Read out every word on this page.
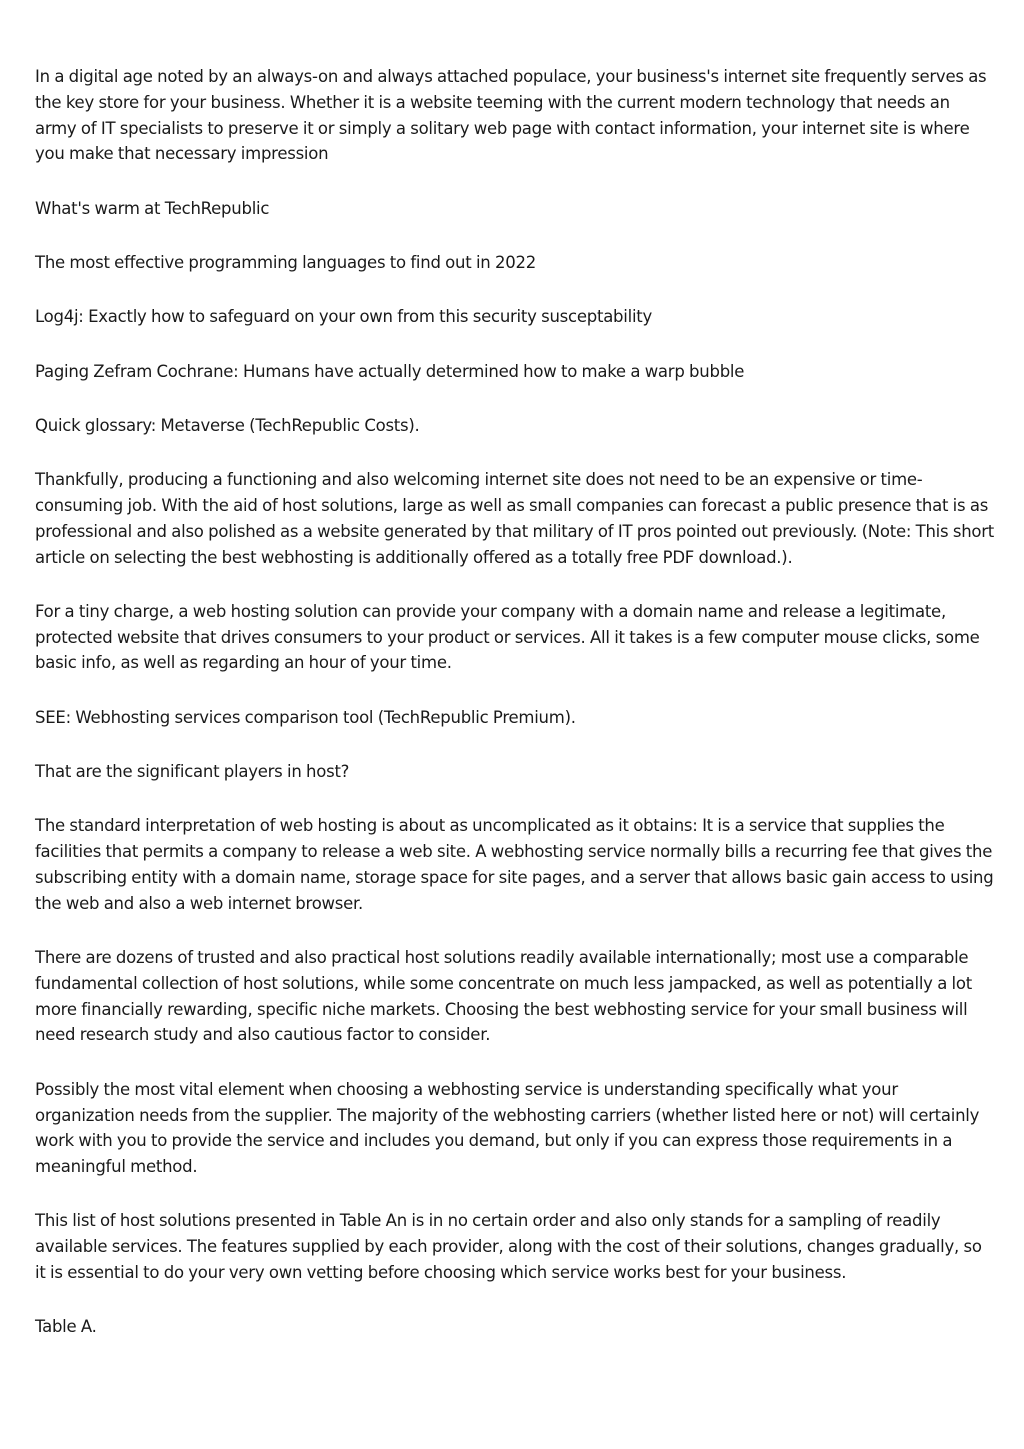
In a digital age noted by an always-on and always attached populace, your business's internet site frequently serves as the key store for your business. Whether it is a website teeming with the current modern technology that needs an army of IT specialists to preserve it or simply a solitary web page with contact information, your internet site is where you make that necessary impression

What's warm at TechRepublic

The most effective programming languages to find out in 2022

Log4j: Exactly how to safeguard on your own from this security susceptability

Paging Zefram Cochrane: Humans have actually determined how to make a warp bubble

Quick glossary: Metaverse (TechRepublic Costs).

Thankfully, producing a functioning and also welcoming internet site does not need to be an expensive or time-consuming job. With the aid of host solutions, large as well as small companies can forecast a public presence that is as professional and also polished as a website generated by that military of IT pros pointed out previously. (Note: This short article on selecting the best webhosting is additionally offered as a totally free PDF download.).

For a tiny charge, a web hosting solution can provide your company with a domain name and release a legitimate, protected website that drives consumers to your product or services. All it takes is a few computer mouse clicks, some basic info, as well as regarding an hour of your time.

SEE: Webhosting services comparison tool (TechRepublic Premium).

That are the significant players in host?

The standard interpretation of web hosting is about as uncomplicated as it obtains: It is a service that supplies the facilities that permits a company to release a web site. A webhosting service normally bills a recurring fee that gives the subscribing entity with a domain name, storage space for site pages, and a server that allows basic gain access to using the web and also a web internet browser.

There are dozens of trusted and also practical host solutions readily available internationally; most use a comparable fundamental collection of host solutions, while some concentrate on much less jampacked, as well as potentially a lot more financially rewarding, specific niche markets. Choosing the best webhosting service for your small business will need research study and also cautious factor to consider.

Possibly the most vital element when choosing a webhosting service is understanding specifically what your organization needs from the supplier. The majority of the webhosting carriers (whether listed here or not) will certainly work with you to provide the service and includes you demand, but only if you can express those requirements in a meaningful method.

This list of host solutions presented in Table An is in no certain order and also only stands for a sampling of readily available services. The features supplied by each provider, along with the cost of their solutions, changes gradually, so it is essential to do your very own vetting before choosing which service works best for your business.

Table A.
